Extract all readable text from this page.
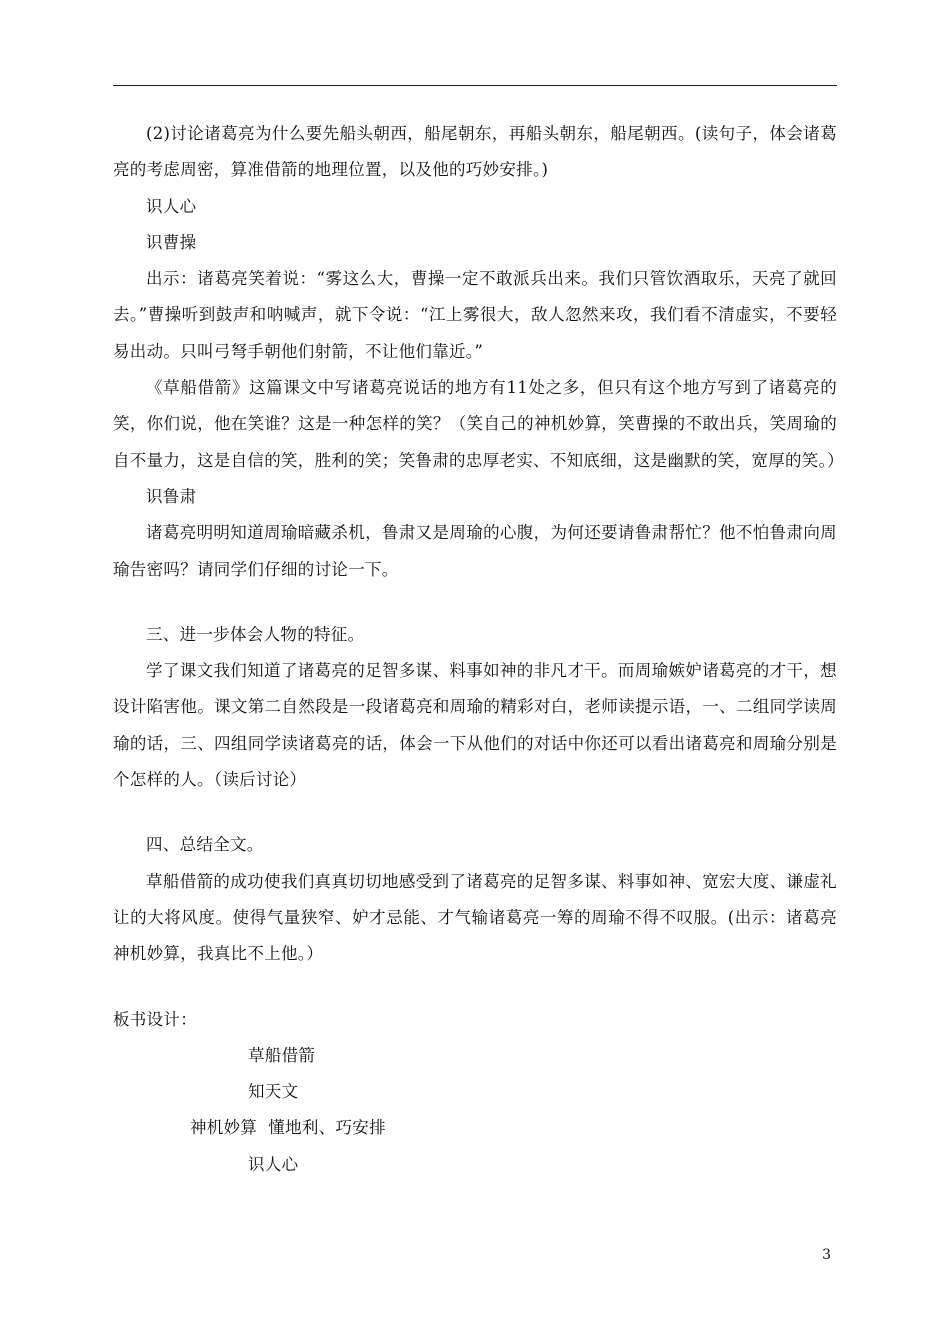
(2)讨论诸葛亮为什么要先船头朝西，船尾朝东，再船头朝东，船尾朝西。(读句子，体会诸葛亮的考虑周密，算准借箭的地理位置，以及他的巧妙安排。)

识人心

识曹操

出示：诸葛亮笑着说：“雾这么大，曹操一定不敢派兵出来。我们只管饮酒取乐，天亮了就回去。”曹操听到鼓声和呐喊声，就下令说：“江上雾很大，敌人忽然来攻，我们看不清虚实，不要轻易出动。只叫弓弩手朝他们射箭，不让他们靠近。”

《草船借箭》这篇课文中写诸葛亮说话的地方有11处之多，但只有这个地方写到了诸葛亮的笑，你们说，他在笑谁？这是一种怎样的笑？（笑自己的神机妙算，笑曹操的不敢出兵，笑周瑜的自不量力，这是自信的笑，胜利的笑；笑鲁肃的忠厚老实、不知底细，这是幽默的笑，宽厚的笑。）

识鲁肃

诸葛亮明明知道周瑜暗藏杀机，鲁肃又是周瑜的心腹，为何还要请鲁肃帮忙？他不怕鲁肃向周瑜告密吗？请同学们仔细的讨论一下。

三、进一步体会人物的特征。

学了课文我们知道了诸葛亮的足智多谋、料事如神的非凡才干。而周瑜嫉妒诸葛亮的才干，想设计陷害他。课文第二自然段是一段诸葛亮和周瑜的精彩对白，老师读提示语，一、二组同学读周瑜的话，三、四组同学读诸葛亮的话，体会一下从他们的对话中你还可以看出诸葛亮和周瑜分别是个怎样的人。（读后讨论）

四、总结全文。

草船借箭的成功使我们真真切切地感受到了诸葛亮的足智多谋、料事如神、宽宏大度、谦虚礼让的大将风度。使得气量狭窄、妒才忌能、才气输诸葛亮一筹的周瑜不得不叹服。(出示：诸葛亮神机妙算，我真比不上他。）

板书设计：

草船借箭

知天文

神机妙算  懂地利、巧安排

识人心

3
